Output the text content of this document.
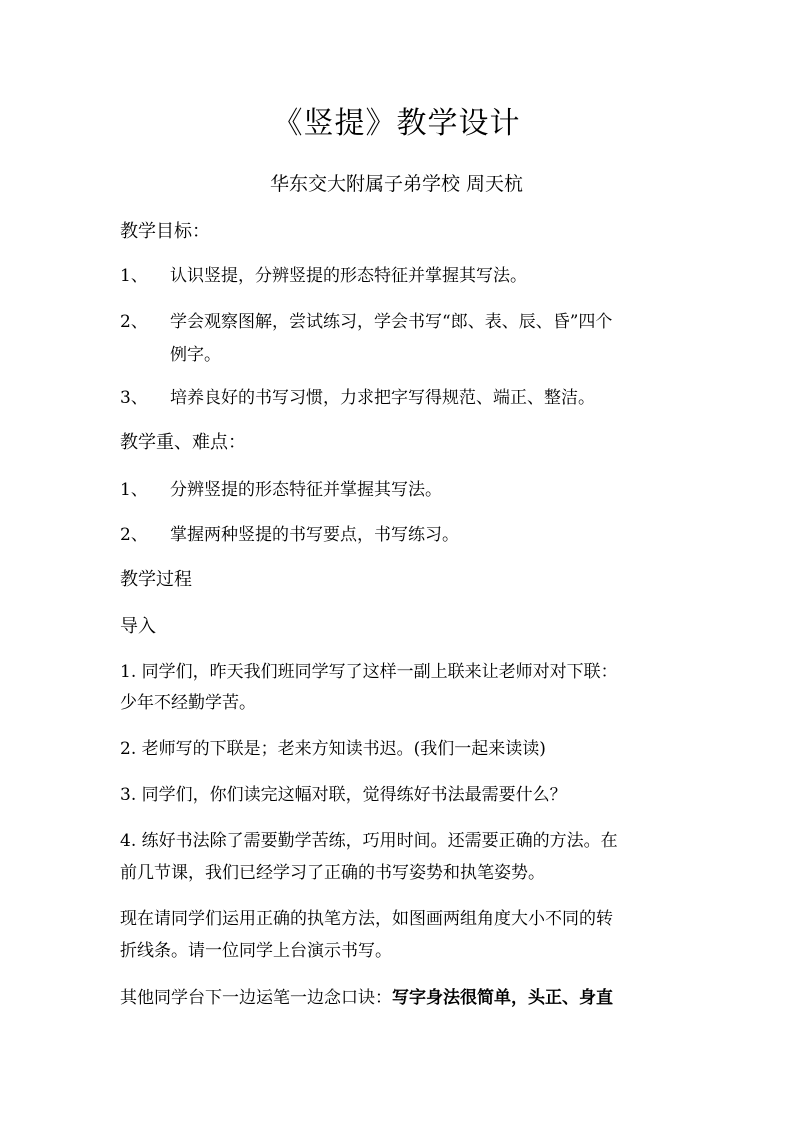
《竖提》教学设计
华东交大附属子弟学校 周天杭
教学目标：
1、 认识竖提，分辨竖提的形态特征并掌握其写法。
2、 学会观察图解，尝试练习，学会书写“郎、表、辰、昏”四个
例字。
3、 培养良好的书写习惯，力求把字写得规范、端正、整洁。
教学重、难点：
1、 分辨竖提的形态特征并掌握其写法。
2、 掌握两种竖提的书写要点，书写练习。
教学过程
导入
1. 同学们，昨天我们班同学写了这样一副上联来让老师对对下联：
少年不经勤学苦。
2. 老师写的下联是；老来方知读书迟。(我们一起来读读)
3. 同学们，你们读完这幅对联，觉得练好书法最需要什么？
4. 练好书法除了需要勤学苦练，巧用时间。还需要正确的方法。在
前几节课，我们已经学习了正确的书写姿势和执笔姿势。
现在请同学们运用正确的执笔方法，如图画两组角度大小不同的转
折线条。请一位同学上台演示书写。
其他同学台下一边运笔一边念口诀：写字身法很简单，头正、身直
